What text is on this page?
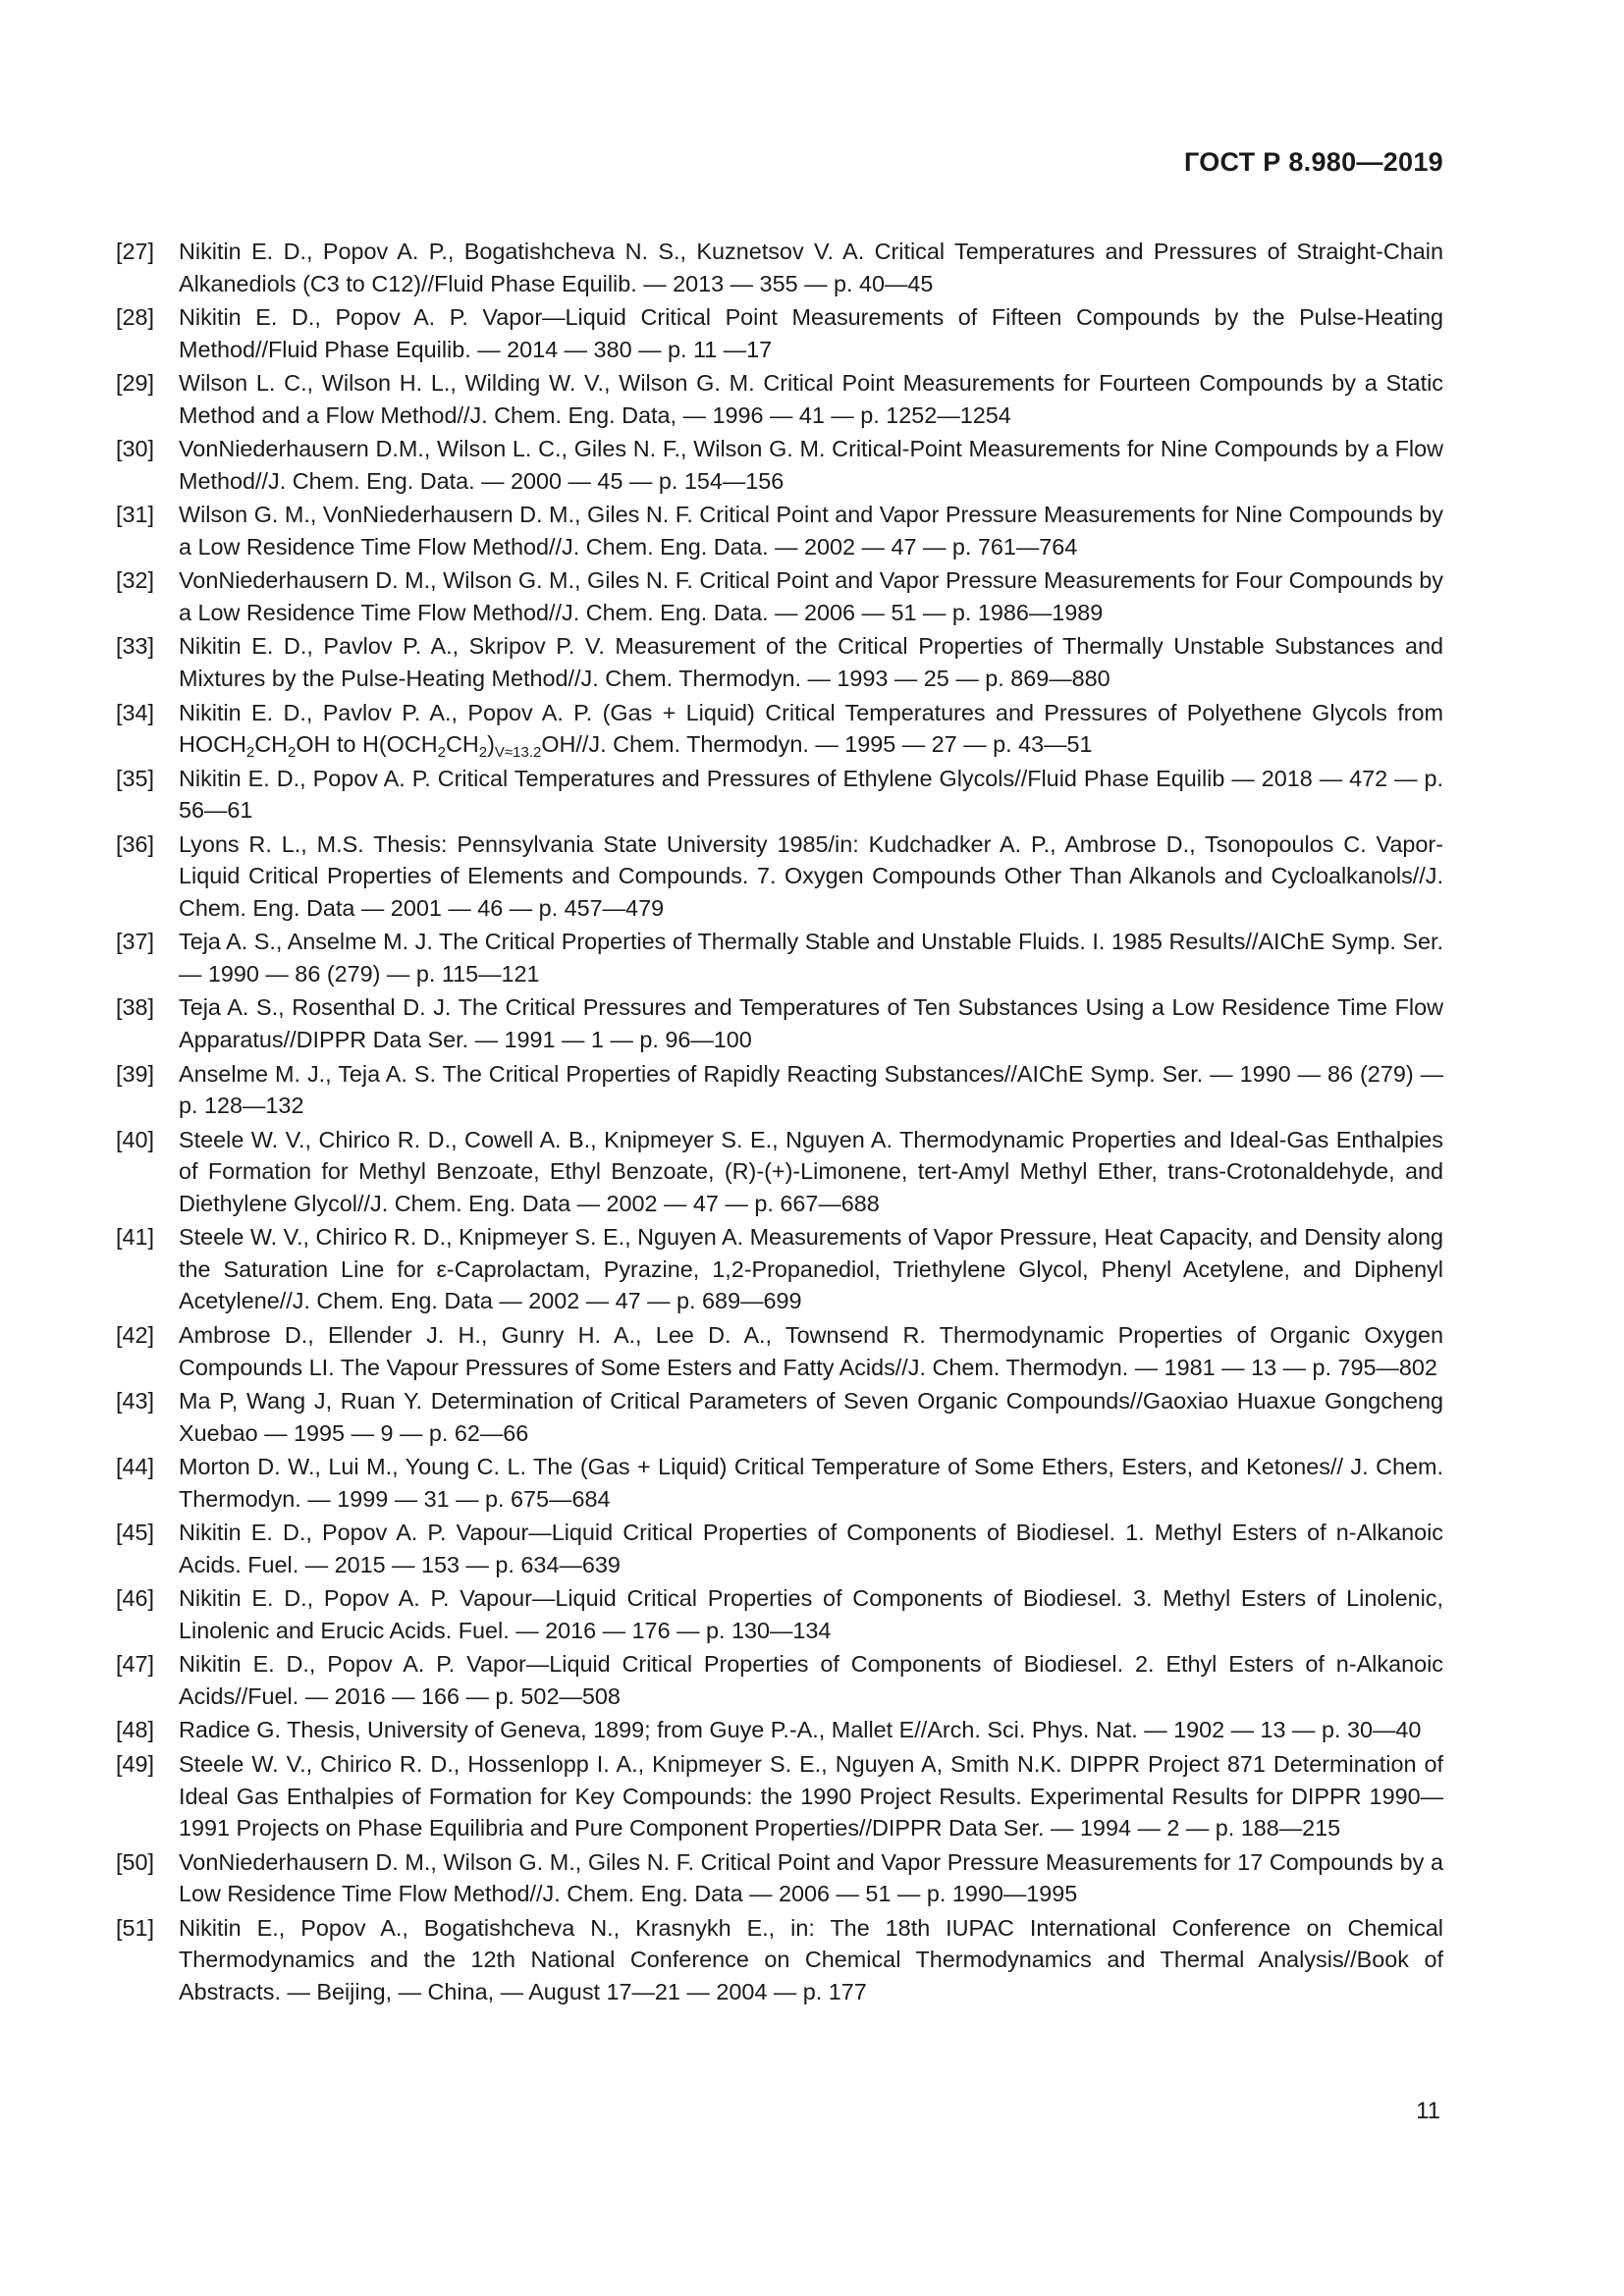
ГОСТ Р 8.980—2019
[27]	Nikitin E. D., Popov A. P., Bogatishcheva N. S., Kuznetsov V. A. Critical Temperatures and Pressures of Straight-Chain Alkanediols (C3 to C12)//Fluid Phase Equilib. — 2013 — 355 — p. 40—45
[28]	Nikitin E. D., Popov A. P. Vapor—Liquid Critical Point Measurements of Fifteen Compounds by the Pulse-Heating Method//Fluid Phase Equilib. — 2014 — 380 — p. 11 —17
[29]	Wilson L. C., Wilson H. L., Wilding W. V., Wilson G. M. Critical Point Measurements for Fourteen Compounds by a Static Method and a Flow Method//J. Chem. Eng. Data, — 1996 — 41 — p. 1252—1254
[30]	VonNiederhausern D.M., Wilson L. C., Giles N. F., Wilson G. M. Critical-Point Measurements for Nine Compounds by a Flow Method//J. Chem. Eng. Data. — 2000 — 45 — p. 154—156
[31]	Wilson G. M., VonNiederhausern D. M., Giles N. F. Critical Point and Vapor Pressure Measurements for Nine Compounds by a Low Residence Time Flow Method//J. Chem. Eng. Data. — 2002 — 47 — p. 761—764
[32]	VonNiederhausern D. M., Wilson G. M., Giles N. F. Critical Point and Vapor Pressure Measurements for Four Compounds by a Low Residence Time Flow Method//J. Chem. Eng. Data. — 2006 — 51 — p. 1986—1989
[33]	Nikitin E. D., Pavlov P. A., Skripov P. V. Measurement of the Critical Properties of Thermally Unstable Substances and Mixtures by the Pulse-Heating Method//J. Chem. Thermodyn. — 1993 — 25 — p. 869—880
[34]	Nikitin E. D., Pavlov P. A., Popov A. P. (Gas + Liquid) Critical Temperatures and Pressures of Polyethene Glycols from $HOCH_2CH_2OH$ to $H(OCH_2CH_2)_{V\approx 13.2}OH//J$. Chem. Thermodyn. — 1995 — 27 — p. 43—51
[35]	Nikitin E. D., Popov A. P. Critical Temperatures and Pressures of Ethylene Glycols//Fluid Phase Equilib — 2018 — 472 — p. 56—61
[36]	Lyons R. L., M.S. Thesis: Pennsylvania State University 1985/in: Kudchadker A. P., Ambrose D., Tsonopoulos C. Vapor-Liquid Critical Properties of Elements and Compounds. 7. Oxygen Compounds Other Than Alkanols and Cycloalkanols//J. Chem. Eng. Data — 2001 — 46 — p. 457—479
[37]	Teja A. S., Anselme M. J. The Critical Properties of Thermally Stable and Unstable Fluids. I. 1985 Results//AIChE Symp. Ser. — 1990 — 86 (279) — p. 115—121
[38]	Teja A. S., Rosenthal D. J. The Critical Pressures and Temperatures of Ten Substances Using a Low Residence Time Flow Apparatus//DIPPR Data Ser. — 1991 — 1 — p. 96—100
[39]	Anselme M. J., Teja A. S. The Critical Properties of Rapidly Reacting Substances//AIChE Symp. Ser. — 1990 — 86 (279) — p. 128—132
[40]	Steele W. V., Chirico R. D., Cowell A. B., Knipmeyer S. E., Nguyen A. Thermodynamic Properties and Ideal-Gas Enthalpies of Formation for Methyl Benzoate, Ethyl Benzoate, (R)-(+)-Limonene, tert-Amyl Methyl Ether, trans-Crotonaldehyde, and Diethylene Glycol//J. Chem. Eng. Data — 2002 — 47 — p. 667—688
[41]	Steele W. V., Chirico R. D., Knipmeyer S. E., Nguyen A. Measurements of Vapor Pressure, Heat Capacity, and Density along the Saturation Line for ε-Caprolactam, Pyrazine, 1,2-Propanediol, Triethylene Glycol, Phenyl Acetylene, and Diphenyl Acetylene//J. Chem. Eng. Data — 2002 — 47 — p. 689—699
[42]	Ambrose D., Ellender J. H., Gunry H. A., Lee D. A., Townsend R. Thermodynamic Properties of Organic Oxygen Compounds LI. The Vapour Pressures of Some Esters and Fatty Acids//J. Chem. Thermodyn. — 1981 — 13 — p. 795—802
[43]	Ma P, Wang J, Ruan Y. Determination of Critical Parameters of Seven Organic Compounds//Gaoxiao Huaxue Gongcheng Xuebao — 1995 — 9 — p. 62—66
[44]	Morton D. W., Lui M., Young C. L. The (Gas + Liquid) Critical Temperature of Some Ethers, Esters, and Ketones// J. Chem. Thermodyn. — 1999 — 31 — p. 675—684
[45]	Nikitin E. D., Popov A. P. Vapour—Liquid Critical Properties of Components of Biodiesel. 1. Methyl Esters of n-Alkanoic Acids. Fuel. — 2015 — 153 — p. 634—639
[46]	Nikitin E. D., Popov A. P. Vapour—Liquid Critical Properties of Components of Biodiesel. 3. Methyl Esters of Linolenic, Linolenic and Erucic Acids. Fuel. — 2016 — 176 — p. 130—134
[47]	Nikitin E. D., Popov A. P. Vapor—Liquid Critical Properties of Components of Biodiesel. 2. Ethyl Esters of n-Alkanoic Acids//Fuel. — 2016 — 166 — p. 502—508
[48]	Radice G. Thesis, University of Geneva, 1899; from Guye P.-A., Mallet E//Arch. Sci. Phys. Nat. — 1902 — 13 — p. 30—40
[49]	Steele W. V., Chirico R. D., Hossenlopp I. A., Knipmeyer S. E., Nguyen A, Smith N.K. DIPPR Project 871 Determination of Ideal Gas Enthalpies of Formation for Key Compounds: the 1990 Project Results. Experimental Results for DIPPR 1990—1991 Projects on Phase Equilibria and Pure Component Properties//DIPPR Data Ser. — 1994 — 2 — p. 188—215
[50]	VonNiederhausern D. M., Wilson G. M., Giles N. F. Critical Point and Vapor Pressure Measurements for 17 Compounds by a Low Residence Time Flow Method//J. Chem. Eng. Data — 2006 — 51 — p. 1990—1995
[51]	Nikitin E., Popov A., Bogatishcheva N., Krasnykh E., in: The 18th IUPAC International Conference on Chemical Thermodynamics and the 12th National Conference on Chemical Thermodynamics and Thermal Analysis//Book of Abstracts. — Beijing, — China, — August 17—21 — 2004 — p. 177
11
